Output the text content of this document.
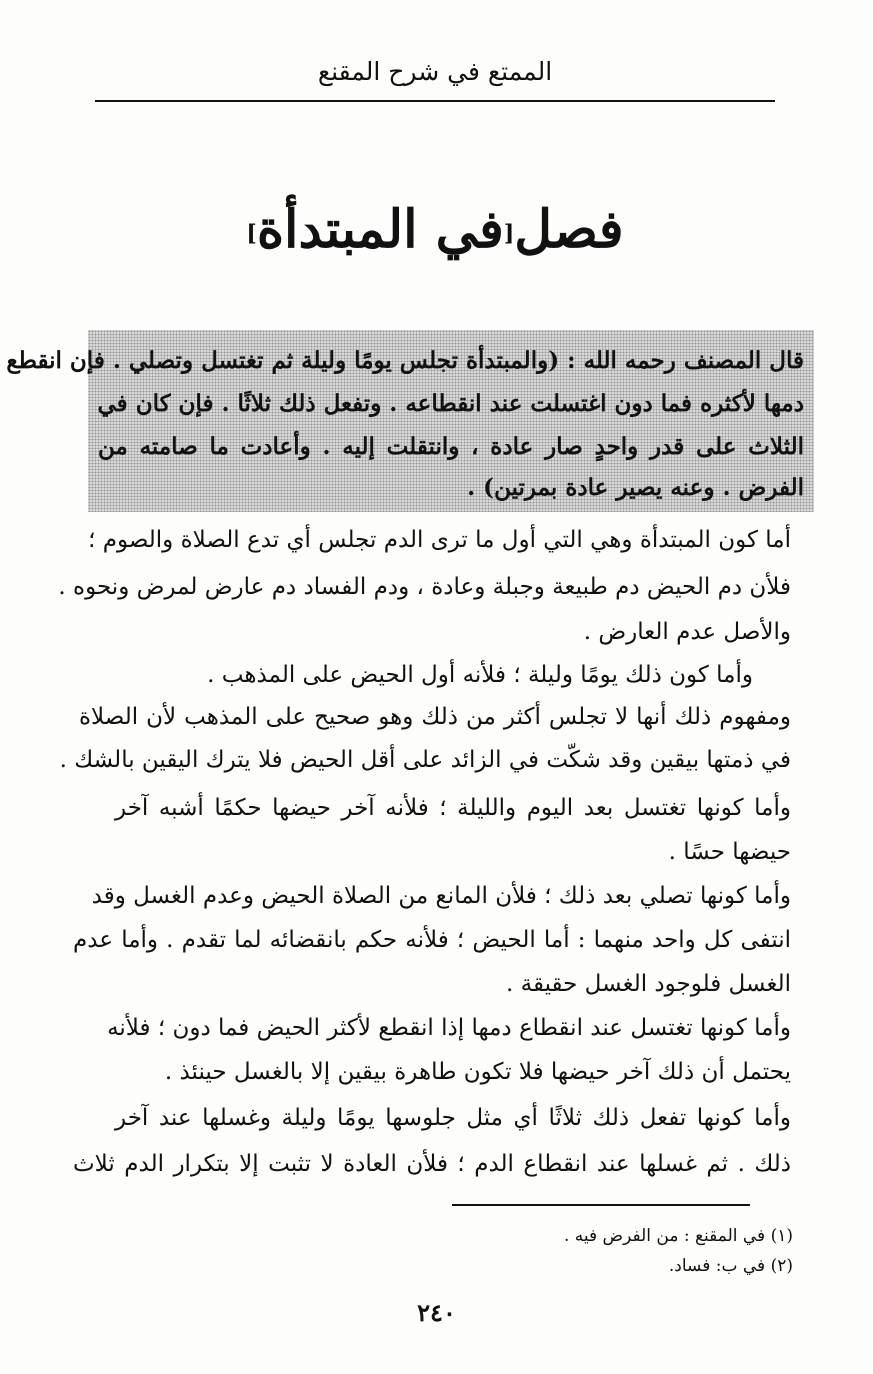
الممتع في شرح المقنع
فصل[في المبتدأة]
قال المصنف رحمه الله : (والمبتدأة تجلس يومًا وليلة ثم تغتسل وتصلي . فإن انقطع
دمها لأكثره فما دون اغتسلت عند انقطاعه . وتفعل ذلك ثلاثًا . فإن كان في
الثلاث على قدر واحدٍ صار عادة ، وانتقلت إليه . وأعادت ما صامته من
الفرض . وعنه يصير عادة بمرتين) .
أما كون المبتدأة وهي التي أول ما ترى الدم تجلس أي تدع الصلاة والصوم ؛
فلأن دم الحيض دم طبيعة وجبلة وعادة ، ودم الفساد دم عارض لمرض ونحوه .
والأصل عدم العارض .
وأما كون ذلك يومًا وليلة ؛ فلأنه أول الحيض على المذهب .
ومفهوم ذلك أنها لا تجلس أكثر من ذلك وهو صحيح على المذهب لأن الصلاة
في ذمتها بيقين وقد شكّت في الزائد على أقل الحيض فلا يترك اليقين بالشك .
وأما كونها تغتسل بعد اليوم والليلة ؛ فلأنه آخر حيضها حكمًا أشبه آخر
حيضها حسًا .
وأما كونها تصلي بعد ذلك ؛ فلأن المانع من الصلاة الحيض وعدم الغسل وقد
انتفى كل واحد منهما : أما الحيض ؛ فلأنه حكم بانقضائه لما تقدم . وأما عدم
الغسل فلوجود الغسل حقيقة .
وأما كونها تغتسل عند انقطاع دمها إذا انقطع لأكثر الحيض فما دون ؛ فلأنه
يحتمل أن ذلك آخر حيضها فلا تكون طاهرة بيقين إلا بالغسل حينئذ .
وأما كونها تفعل ذلك ثلاثًا أي مثل جلوسها يومًا وليلة وغسلها عند آخر
ذلك . ثم غسلها عند انقطاع الدم ؛ فلأن العادة لا تثبت إلا بتكرار الدم ثلاث
(١) في المقنع : من الفرض فيه .
(٢) في ب: فساد.
٢٤٠
